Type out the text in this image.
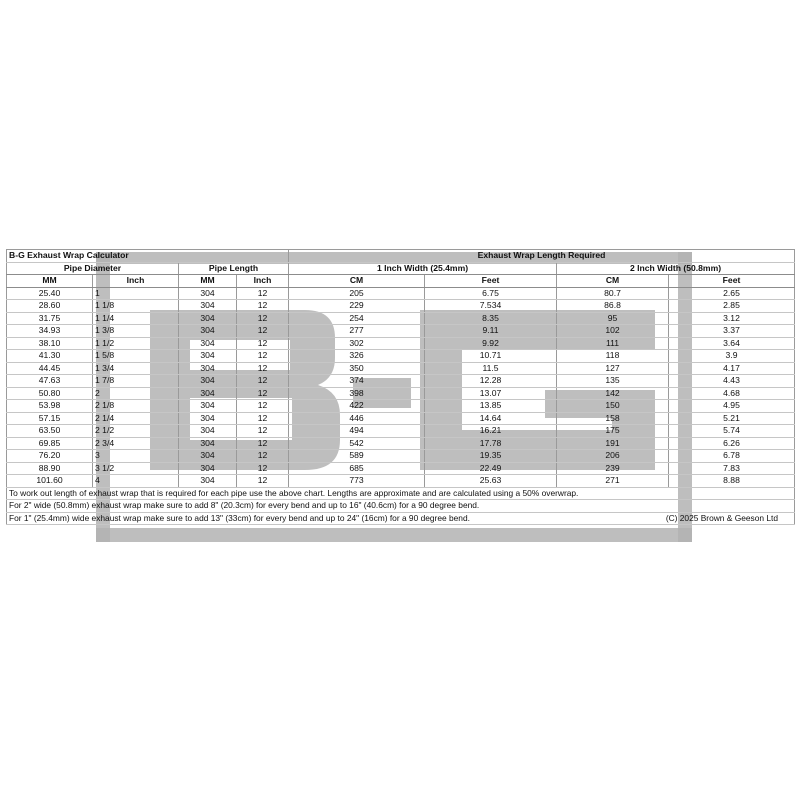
B-G Exhaust Wrap Calculator				Exhaust Wrap Length Required			
Pipe Diameter		Pipe Length		1 Inch Width (25.4mm)		2 Inch Width (50.8mm)	
MM	Inch	MM	Inch	CM	Feet	CM	Feet
25.40	1	304	12	205	6.75	80.7	2.65
28.60	1 1/8	304	12	229	7.534	86.8	2.85
31.75	1 1/4	304	12	254	8.35	95	3.12
34.93	1 3/8	304	12	277	9.11	102	3.37
38.10	1 1/2	304	12	302	9.92	111	3.64
41.30	1 5/8	304	12	326	10.71	118	3.9
44.45	1 3/4	304	12	350	11.5	127	4.17
47.63	1 7/8	304	12	374	12.28	135	4.43
50.80	2	304	12	398	13.07	142	4.68
53.98	2 1/8	304	12	422	13.85	150	4.95
57.15	2 1/4	304	12	446	14.64	158	5.21
63.50	2 1/2	304	12	494	16.21	175	5.74
69.85	2 3/4	304	12	542	17.78	191	6.26
76.20	3	304	12	589	19.35	206	6.78
88.90	3 1/2	304	12	685	22.49	239	7.83
101.60	4	304	12	773	25.63	271	8.88
To work out length of exhaust wrap that is required for each pipe use the above chart. Lengths are approximate and are calculated using a 50% overwrap.							
For 2" wide (50.8mm) exhaust wrap make sure to add 8" (20.3cm) for every bend and up to 16" (40.6cm) for a 90 degree bend.							
For 1" (25.4mm) wide exhaust wrap make sure to add 13" (33cm) for every bend and up to 24" (16cm) for a 90 degree bend. (C) 2025 Brown & Geeson Ltd							
